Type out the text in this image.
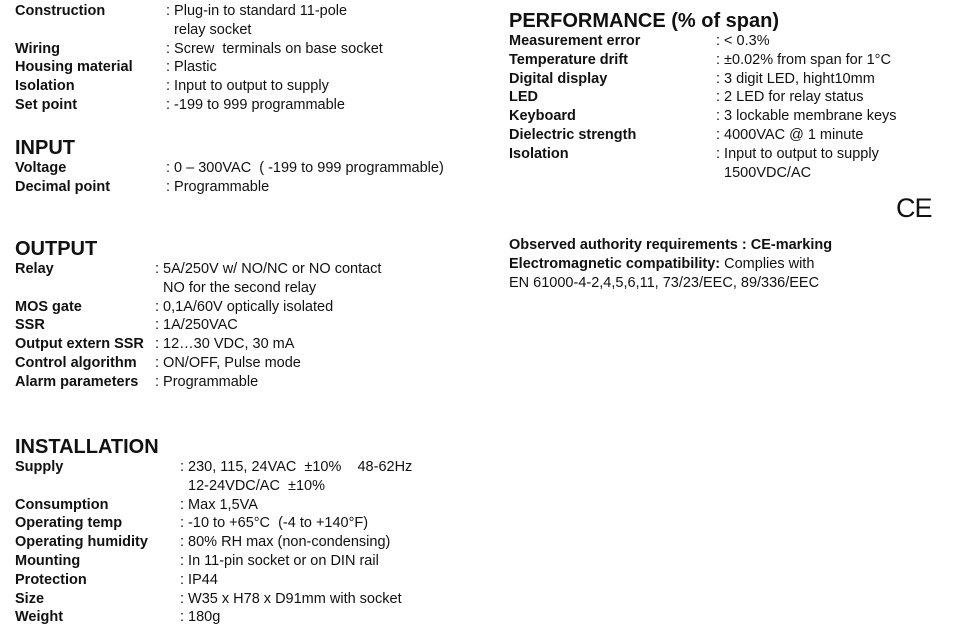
Construction	: Plug-in to standard 11-pole
relay socket
Wiring	: Screw  terminals on base socket
Housing material	: Plastic
Isolation	: Input to output to supply
Set point	: -199 to 999 programmable
INPUT
Voltage	: 0 – 300VAC  ( -199 to 999 programmable)
Decimal point	: Programmable
OUTPUT
Relay	: 5A/250V w/ NO/NC or NO contact
NO for the second relay
MOS gate	: 0,1A/60V optically isolated
SSR	: 1A/250VAC
Output extern SSR : 12…30 VDC, 30 mA
Control algorithm	: ON/OFF, Pulse mode
Alarm parameters	: Programmable
INSTALLATION
Supply	: 230, 115, 24VAC  ±10%    48-62Hz
12-24VDC/AC  ±10%
Consumption	: Max 1,5VA
Operating temp	: -10 to +65°C  (-4 to +140°F)
Operating humidity	: 80% RH max (non-condensing)
Mounting	: In 11-pin socket or on DIN rail
Protection	: IP44
Size	: W35 x H78 x D91mm with socket
Weight	: 180g
PERFORMANCE (% of span)
Measurement error	: < 0.3%
Temperature drift	: ±0.02% from span for 1°C
Digital display	: 3 digit LED, hight10mm
LED	: 2 LED for relay status
Keyboard	: 3 lockable membrane keys
Dielectric strength	: 4000VAC @ 1 minute
Isolation	: Input to output to supply
1500VDC/AC
CE
Observed authority requirements : CE-marking
Electromagnetic compatibility: Complies with
EN 61000-4-2,4,5,6,11, 73/23/EEC, 89/336/EEC
